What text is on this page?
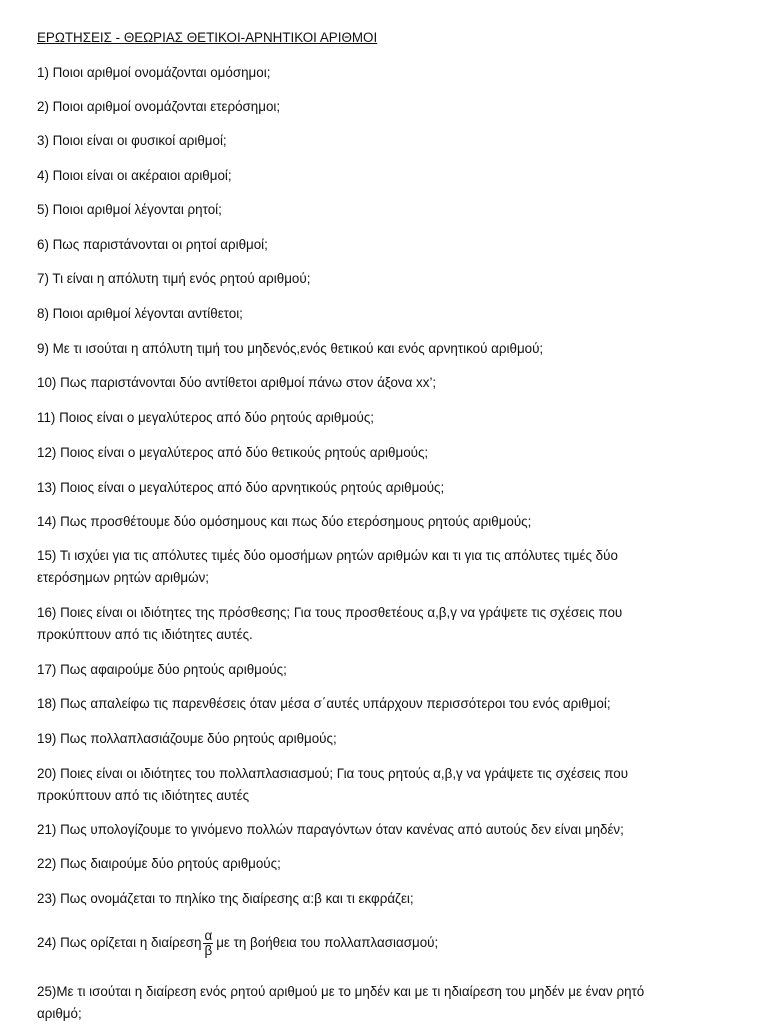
ΕΡΩΤΗΣΕΙΣ - ΘΕΩΡΙΑΣ ΘΕΤΙΚΟΙ-ΑΡΝΗΤΙΚΟΙ ΑΡΙΘΜΟΙ
1) Ποιοι αριθμοί ονομάζονται ομόσημοι;
2) Ποιοι αριθμοί ονομάζονται ετερόσημοι;
3) Ποιοι είναι οι φυσικοί αριθμοί;
4) Ποιοι είναι οι ακέραιοι αριθμοί;
5) Ποιοι αριθμοί λέγονται ρητοί;
6) Πως παριστάνονται οι ρητοί αριθμοί;
7) Τι είναι η απόλυτη τιμή ενός ρητού αριθμού;
8) Ποιοι αριθμοί λέγονται αντίθετοι;
9) Με τι ισούται η απόλυτη τιμή του μηδενός,ενός θετικού και ενός αρνητικού αριθμού;
10) Πως παριστάνονται δύο αντίθετοι αριθμοί πάνω στον άξονα xx’;
11) Ποιος είναι ο μεγαλύτερος από δύο ρητούς αριθμούς;
12) Ποιος είναι ο μεγαλύτερος από δύο θετικούς ρητούς αριθμούς;
13) Ποιος είναι ο μεγαλύτερος από δύο αρνητικούς ρητούς αριθμούς;
14) Πως προσθέτουμε δύο ομόσημους και πως δύο ετερόσημους ρητούς αριθμούς;
15) Τι ισχύει για τις απόλυτες τιμές δύο ομοσήμων ρητών αριθμών και τι για τις απόλυτες τιμές δύο
ετερόσημων ρητών αριθμών;
16) Ποιες είναι οι ιδιότητες της πρόσθεσης; Για τους προσθετέους α,β,γ να γράψετε τις σχέσεις που
προκύπτουν από τις ιδιότητες αυτές.
17) Πως αφαιρούμε δύο ρητούς αριθμούς;
18) Πως απαλείφω τις παρενθέσεις όταν μέσα σ΄αυτές υπάρχουν περισσότεροι του ενός αριθμοί;
19) Πως πολλαπλασιάζουμε δύο ρητούς αριθμούς;
20) Ποιες είναι οι ιδιότητες του πολλαπλασιασμού; Για τους ρητούς α,β,γ να γράψετε τις σχέσεις που
προκύπτουν από τις ιδιότητες αυτές
21) Πως υπολογίζουμε το γινόμενο πολλών παραγόντων όταν κανένας από αυτούς δεν είναι μηδέν;
22) Πως διαιρούμε δύο ρητούς αριθμούς;
23) Πως ονομάζεται το πηλίκο της διαίρεσης α:β και τι εκφράζει;
24) Πως ορίζεται η διαίρεση $\frac{\alpha}{\beta}$ με τη βοήθεια του πολλαπλασιασμού;
25)Με τι ισούται η διαίρεση ενός ρητού αριθμού με το μηδέν και με τι ηδιαίρεση του μηδέν με έναν ρητό
αριθμό;
